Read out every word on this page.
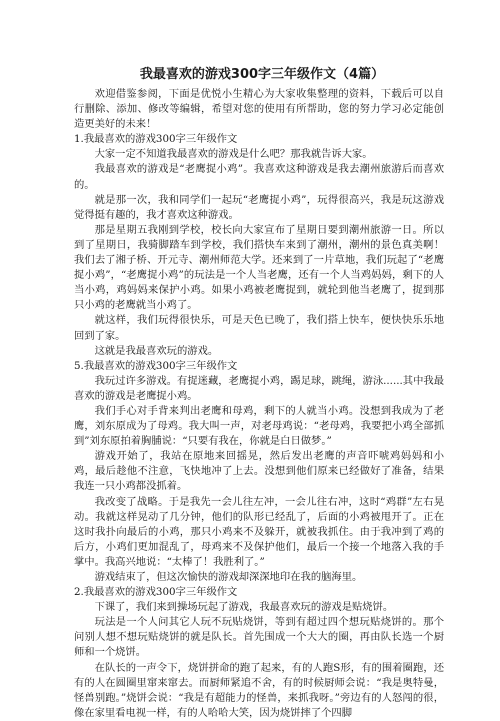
我最喜欢的游戏300字三年级作文（4篇）

欢迎借鉴参阅，下面是优悦小生精心为大家收集整理的资料，下载后可以自行删除、添加、修改等编辑，希望对您的使用有所帮助，您的努力学习必定能创造更美好的未来！

1.我最喜欢的游戏300字三年级作文

大家一定不知道我最喜欢的游戏是什么吧？那我就告诉大家。

我最喜欢的游戏是“老鹰捉小鸡”。我喜欢这种游戏是我去潮州旅游后而喜欢的。

就是那一次，我和同学们一起玩“老鹰捉小鸡”，玩得很高兴，我是玩这游戏觉得挺有趣的，我才喜欢这种游戏。

那是星期五我刚到学校，校长向大家宣布了星期日要到潮州旅游一日。所以到了星期日，我骑脚踏车到学校，我们搭快车来到了潮州，潮州的景色真美啊！我们去了湘子桥、开元寺、潮州师范大学。还来到了一片草地，我们玩起了“老鹰捉小鸡”，“老鹰捉小鸡”的玩法是一个人当老鹰，还有一个人当鸡妈妈，剩下的人当小鸡，鸡妈妈来保护小鸡。如果小鸡被老鹰捉到，就轮到他当老鹰了，捉到那只小鸡的老鹰就当小鸡了。

就这样，我们玩得很快乐，可是天色已晚了，我们搭上快车，便快快乐乐地回到了家。

这就是我最喜欢玩的游戏。

5.我最喜欢的游戏300字三年级作文

我玩过许多游戏。有捉迷藏，老鹰捉小鸡，踢足球，跳绳，游泳......其中我最喜欢的游戏是老鹰捉小鸡。

我们手心对手背来判出老鹰和母鸡，剩下的人就当小鸡。没想到我成为了老鹰，刘东原成为了母鸡。我大叫一声，对老母鸡说：“老母鸡，我要把小鸡全部抓到”刘东原拍着胸脯说：“只要有我在，你就是白日做梦。”

游戏开始了，我站在原地来回摇晃，然后发出老鹰的声音吓唬鸡妈妈和小鸡，最后趁他不注意，飞快地冲了上去。没想到他们原来已经做好了准备，结果我连一只小鸡都没抓着。

我改变了战略。于是我先一会儿往左冲，一会儿往右冲，这时“鸡群”左右晃动。我就这样晃动了几分钟，他们的队形已经乱了，后面的小鸡被甩开了。正在这时我扑向最后的小鸡，那只小鸡来不及躲开，就被我抓住。由于我冲到了鸡的后方，小鸡们更加混乱了，母鸡来不及保护他们，最后一个接一个地落入我的手掌中。我高兴地说：“太棒了！我胜利了。”

游戏结束了，但这次愉快的游戏却深深地印在我的脑海里。

2.我最喜欢的游戏300字三年级作文

下课了，我们来到操场玩起了游戏，我最喜欢玩的游戏是贴烧饼。

玩法是一个人问其它人玩不玩贴烧饼，等到有超过四个想玩贴烧饼的。那个问别人想不想玩贴烧饼的就是队长。首先围成一个大大的圈，再由队长选一个厨师和一个烧饼。

在队长的一声令下，烧饼拼命的跑了起来，有的人跑S形，有的围着圈跑，还有的人在圆圈里窜来窜去。而厨师紧追不舍，有的时候厨师会说：“我是奥特曼，怪兽别跑。”烧饼会说：“我是有超能力的怪兽，来抓我呀。”旁边有的人怒闯的很，像在家里看电视一样，有的人哈哈大笑，因为烧饼摔了个四脚
